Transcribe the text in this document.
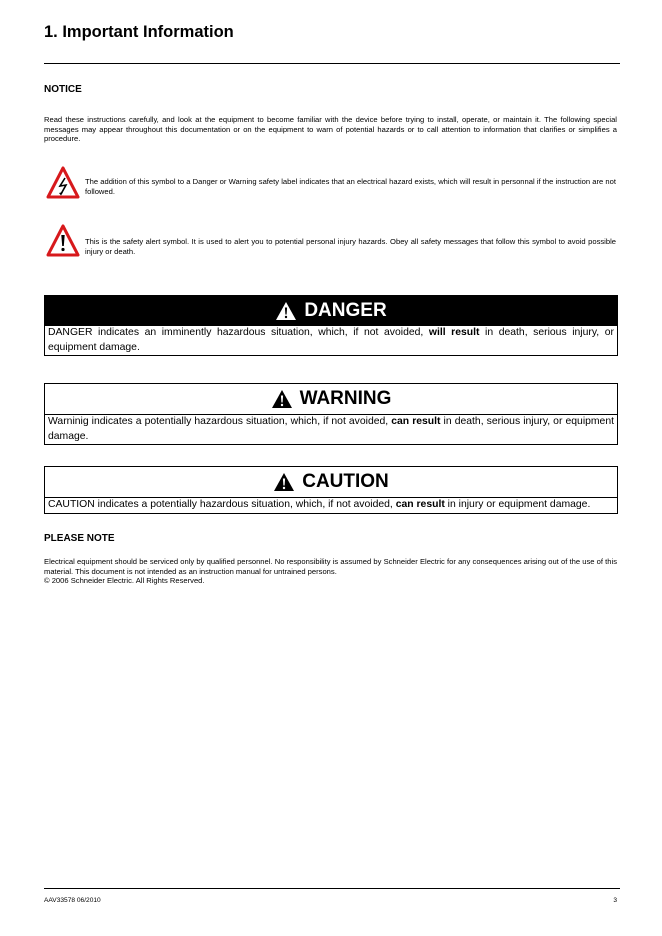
1. Important Information
NOTICE
Read these instructions carefully, and look at the equipment to become familiar with the device before trying to install, operate, or maintain it. The following special messages may appear throughout this documentation or on the equipment to warn of potential hazards or to call attention to information that clarifies or simplifies a procedure.
The addition of this symbol to a Danger or Warning safety label indicates that an electrical hazard exists, which will result in personnal if the instruction are not followed.
This is the safety alert symbol. It is used to alert you to potential personal injury hazards. Obey all safety messages that follow this symbol to avoid possible injury or death.
DANGER
DANGER indicates an imminently hazardous situation, which, if not avoided, will result in death, serious injury, or equipment damage.
WARNING
Warninig indicates a potentially hazardous situation, which, if not avoided, can result in death, serious injury, or equipment damage.
CAUTION
CAUTION indicates a potentially hazardous situation, which, if not avoided, can result in injury or equipment damage.
PLEASE NOTE
Electrical equipment should be serviced only by qualified personnel. No responsibility is assumed by Schneider Electric for any consequences arising out of the use of this material. This document is not intended as an instruction manual for untrained persons.
© 2006 Schneider Electric. All Rights Reserved.
AAV33578 06/2010	3
